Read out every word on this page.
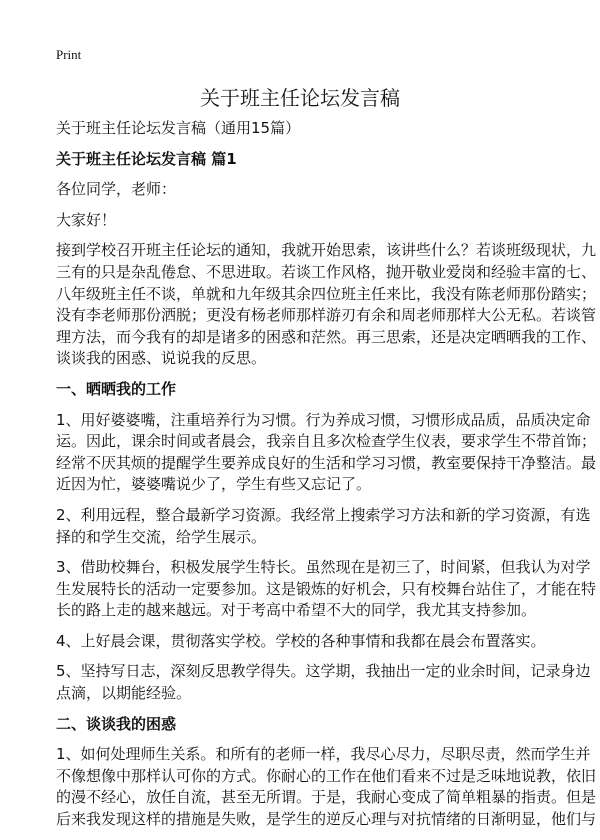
Print
关于班主任论坛发言稿
关于班主任论坛发言稿（通用15篇）
关于班主任论坛发言稿 篇1
各位同学，老师：
大家好！
接到学校召开班主任论坛的通知，我就开始思索，该讲些什么？若谈班级现状，九
三有的只是杂乱倦怠、不思进取。若谈工作风格，抛开敬业爱岗和经验丰富的七、
八年级班主任不谈，单就和九年级其余四位班主任来比，我没有陈老师那份踏实；
没有李老师那份洒脱；更没有杨老师那样游刃有余和周老师那样大公无私。若谈管
理方法，而今我有的却是诸多的困惑和茫然。再三思索，还是决定晒晒我的工作、
谈谈我的困惑、说说我的反思。
一、晒晒我的工作
1、用好婆婆嘴，注重培养行为习惯。行为养成习惯，习惯形成品质，品质决定命
运。因此，课余时间或者晨会，我亲自且多次检查学生仪表，要求学生不带首饰；
经常不厌其烦的提醒学生要养成良好的生活和学习习惯，教室要保持干净整洁。最
近因为忙，婆婆嘴说少了，学生有些又忘记了。
2、利用远程，整合最新学习资源。我经常上搜索学习方法和新的学习资源，有选
择的和学生交流，给学生展示。
3、借助校舞台，积极发展学生特长。虽然现在是初三了，时间紧，但我认为对学
生发展特长的活动一定要参加。这是锻炼的好机会，只有校舞台站住了，才能在特
长的路上走的越来越远。对于考高中希望不大的同学，我尤其支持参加。
4、上好晨会课，贯彻落实学校。学校的各种事情和我都在晨会布置落实。
5、坚持写日志，深刻反思教学得失。这学期，我抽出一定的业余时间，记录身边
点滴，以期能经验。
二、谈谈我的困惑
1、如何处理师生关系。和所有的老师一样，我尽心尽力，尽职尽责，然而学生并
不像想像中那样认可你的方式。你耐心的工作在他们看来不过是乏味地说教，依旧
的漫不经心，放任自流，甚至无所谓。于是，我耐心变成了简单粗暴的指责。但是
后来我发现这样的措施是失败，是学生的逆反心理与对抗情绪的日渐明显，他们与
